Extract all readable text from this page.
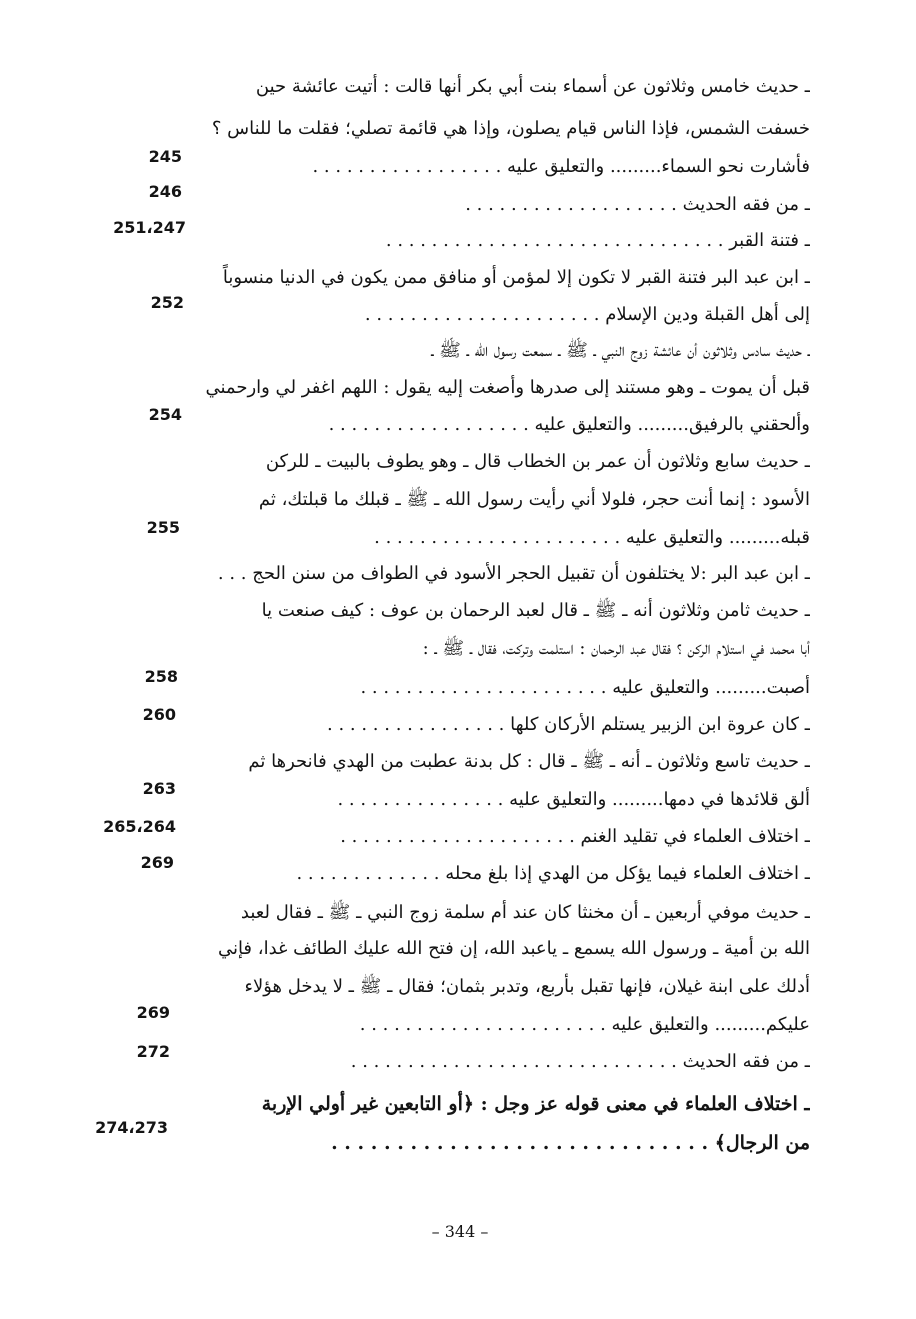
ـ حديث خامس وثلاثون عن أسماء بنت أبي بكر أنها قالت : أتيت عائشة حين
خسفت الشمس، فإذا الناس قيام يصلون، وإذا هي قائمة تصلي؛ فقلت ما للناس ؟
فأشارت نحو السماء......... والتعليق عليه . . . . . . . . . . . . . . . . .
ـ من فقه الحديث . . . . . . . . . . . . . . . . . . .
ـ فتنة القبر . . . . . . . . . . . . . . . . . . . . . . . . . . . . . .
ـ ابن عبد البر فتنة القبر لا تكون إلا لمؤمن أو منافق ممن يكون في الدنيا منسوباً
إلى أهل القبلة ودين الإسلام . . . . . . . . . . . . . . . . . . . . .
ـ حديث سادس وثلاثون أن عائشة زوج النبي ـ ﷺ ـ سمعت رسول الله ـ ﷺ ـ
قبل أن يموت ـ وهو مستند إلى صدرها وأصغت إليه يقول : اللهم اغفر لي وارحمني
وألحقني بالرفيق......... والتعليق عليه . . . . . . . . . . . . . . . . . .
ـ حديث سابع وثلاثون أن عمر بن الخطاب قال ـ وهو يطوف بالبيت ـ للركن
الأسود : إنما أنت حجر، فلولا أني رأيت رسول الله ـ ﷺ ـ قبلك ما قبلتك، ثم
قبله......... والتعليق عليه . . . . . . . . . . . . . . . . . . . . . .
ـ ابن عبد البر :لا يختلفون أن تقبيل الحجر الأسود في الطواف من سنن الحج . . .
ـ حديث ثامن وثلاثون أنه ـ ﷺ ـ قال لعبد الرحمان بن عوف : كيف صنعت يا
أبا محمد في استلام الركن ؟ فقال عبد الرحمان : استلمت وتركت، فقال ـ ﷺ ـ :
أصبت......... والتعليق عليه . . . . . . . . . . . . . . . . . . . . . .
ـ كان عروة ابن الزبير يستلم الأركان كلها . . . . . . . . . . . . . . . .
ـ حديث تاسع وثلاثون ـ أنه ـ ﷺ ـ قال : كل بدنة عطبت من الهدي فانحرها ثم
ألق قلائدها في دمها......... والتعليق عليه . . . . . . . . . . . . . . .
ـ اختلاف العلماء في تقليد الغنم . . . . . . . . . . . . . . . . . . . . .
ـ اختلاف العلماء فيما يؤكل من الهدي إذا بلغ محله . . . . . . . . . . . . .
ـ حديث موفي أربعين ـ أن مخنثا كان عند أم سلمة زوج النبي ـ ﷺ ـ فقال لعبد
الله بن أمية ـ ورسول الله يسمع ـ ياعبد الله، إن فتح الله عليك الطائف غدا، فإني
أدلك على ابنة غيلان، فإنها تقبل بأربع، وتدبر بثمان؛ فقال ـ ﷺ ـ لا يدخل هؤلاء
عليكم......... والتعليق عليه . . . . . . . . . . . . . . . . . . . . . .
ـ من فقه الحديث . . . . . . . . . . . . . . . . . . . . . . . . . . . . .
ـ اختلاف العلماء في معنى قوله عز وجل : ﴿أو التابعين غير أولي الإربة
من الرجال﴾ . . . . . . . . . . . . . . . . . . . . . . . . . . . . .
245
246
251،247
252
254
255
258
260
263
265،264
269
269
272
274،273
– 344 –
